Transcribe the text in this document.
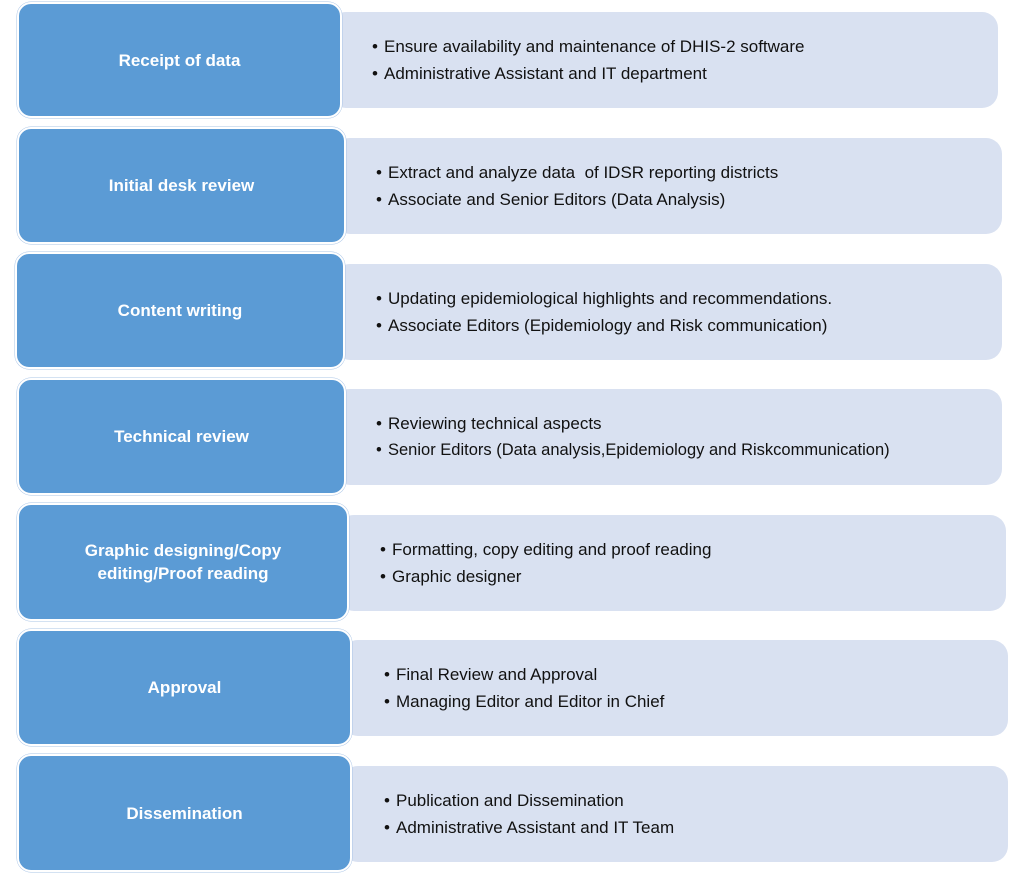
• Ensure availability and maintenance of DHIS-2 software
• Administrative Assistant and IT department
Receipt of data
• Extract and analyze data  of IDSR reporting districts
• Associate and Senior Editors (Data Analysis)
Initial desk review
• Updating epidemiological highlights and recommendations.
• Associate Editors (Epidemiology and Risk communication)
Content writing
• Reviewing technical aspects
• Senior Editors (Data analysis,Epidemiology and Riskcommunication)
Technical review
• Formatting, copy editing and proof reading
• Graphic designer
Graphic designing/Copy editing/Proof reading
• Final Review and Approval
• Managing Editor and Editor in Chief
Approval
• Publication and Dissemination
• Administrative Assistant and IT Team
Dissemination
